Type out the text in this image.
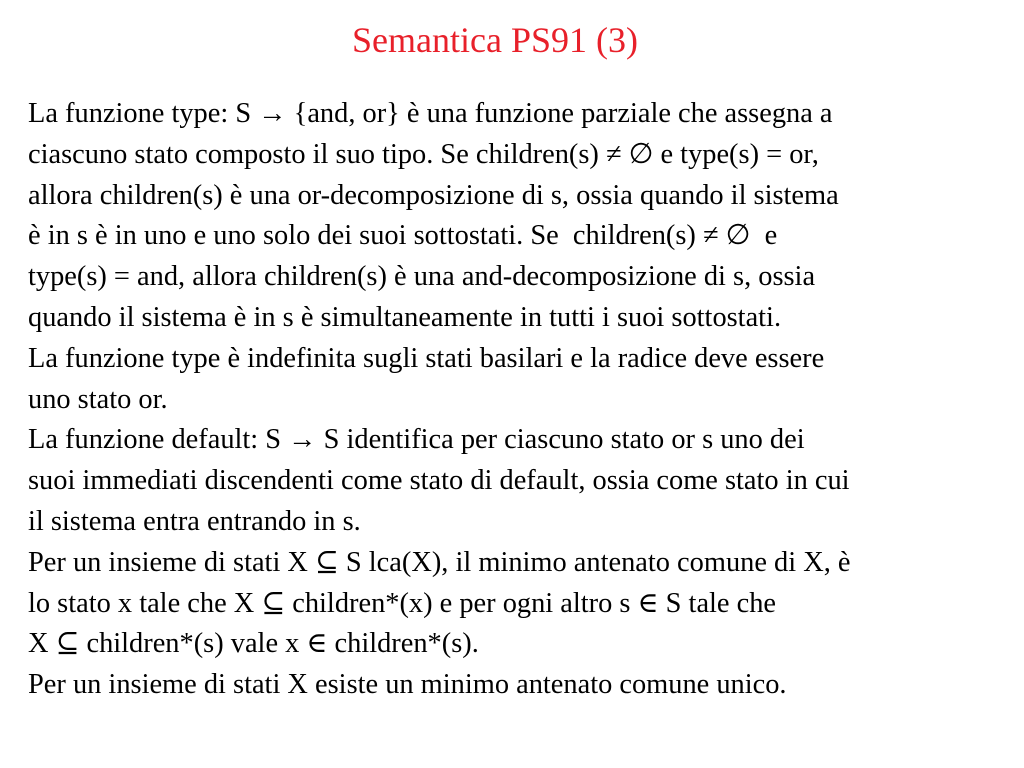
Semantica PS91 (3)
La funzione type: S → {and, or} è una funzione parziale che assegna a
ciascuno stato composto il suo tipo. Se children(s) ≠ ∅ e type(s) = or,
allora children(s) è una or-decomposizione di s, ossia quando il sistema
è in s è in uno e uno solo dei suoi sottostati. Se  children(s) ≠ ∅  e
type(s) = and, allora children(s) è una and-decomposizione di s, ossia
quando il sistema è in s è simultaneamente in tutti i suoi sottostati.
La funzione type è indefinita sugli stati basilari e la radice deve essere
uno stato or.
La funzione default: S → S identifica per ciascuno stato or s uno dei
suoi immediati discendenti come stato di default, ossia come stato in cui
il sistema entra entrando in s.
Per un insieme di stati X ⊆ S lca(X), il minimo antenato comune di X, è
lo stato x tale che X ⊆ children*(x) e per ogni altro s ∈ S tale che
X ⊆ children*(s) vale x ∈ children*(s).
Per un insieme di stati X esiste un minimo antenato comune unico.
